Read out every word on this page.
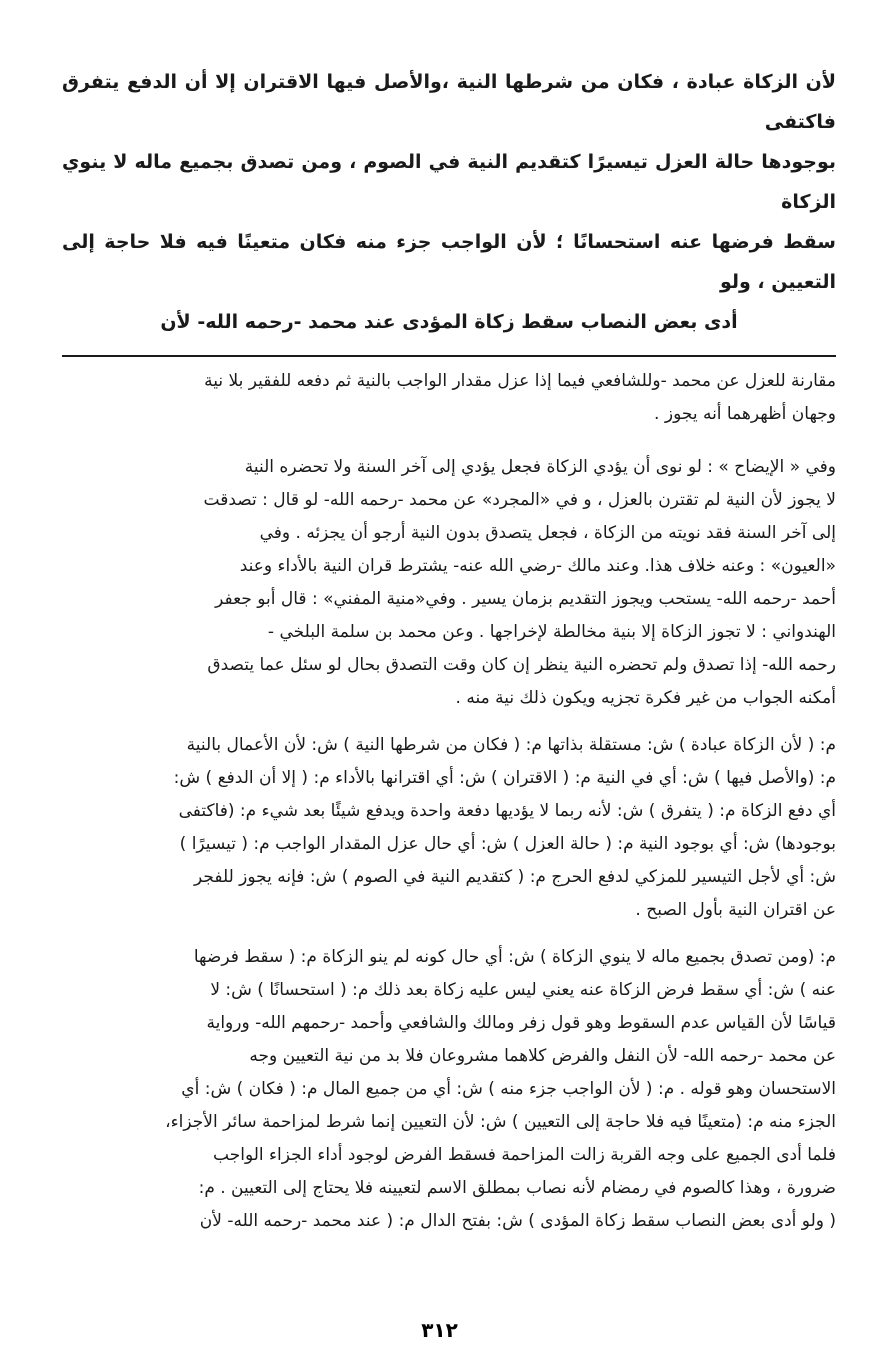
لأن الزكاة عبادة ، فكان من شرطها النية ،والأصل فيها الاقتران إلا أن الدفع يتفرق فاكتفى
بوجودها حالة العزل تيسيرًا كتقديم النية في الصوم ، ومن تصدق بجميع ماله لا ينوي الزكاة
سقط فرضها عنه استحسانًا ؛ لأن الواجب جزء منه فكان متعينًا فيه فلا حاجة إلى التعيين ، ولو
أدى بعض النصاب سقط زكاة المؤدى عند محمد -رحمه الله- لأن
مقارنة للعزل عن محمد -وللشافعي فيما إذا عزل مقدار الواجب بالنية ثم دفعه للفقير بلا نية
وجهان أظهرهما أنه يجوز .
وفي « الإيضاح » : لو نوى أن يؤدي الزكاة فجعل يؤدي إلى آخر السنة ولا تحضره النية
لا يجوز لأن النية لم تقترن بالعزل ، و في «المجرد» عن محمد -رحمه الله- لو قال : تصدقت
إلى آخر السنة فقد نويته من الزكاة ، فجعل يتصدق بدون النية أرجو أن يجزئه . وفي
«العيون» : وعنه خلاف هذا. وعند مالك -رضي الله عنه- يشترط قران النية بالأداء وعند
أحمد -رحمه الله- يستحب ويجوز التقديم بزمان يسير . وفي«منية المفني» : قال أبو جعفر
الهندواني : لا تجوز الزكاة إلا بنية مخالطة لإخراجها . وعن محمد بن سلمة البلخي -
رحمه الله- إذا تصدق ولم تحضره النية ينظر إن كان وقت التصدق بحال لو سئل عما يتصدق
أمكنه الجواب من غير فكرة تجزيه ويكون ذلك نية منه .
م: ( لأن الزكاة عبادة ) ش: مستقلة بذاتها م: ( فكان من شرطها النية ) ش: لأن الأعمال بالنية
م: (والأصل فيها ) ش: أي في النية م: ( الاقتران ) ش: أي اقترانها بالأداء م: ( إلا أن الدفع ) ش:
أي دفع الزكاة م: ( يتفرق ) ش: لأنه ربما لا يؤديها دفعة واحدة ويدفع شيئًا بعد شيء م: (فاكتفى
بوجودها) ش: أي بوجود النية م: ( حالة العزل ) ش: أي حال عزل المقدار الواجب م: ( تيسيرًا )
ش: أي لأجل التيسير للمزكي لدفع الحرج م: ( كتقديم النية في الصوم ) ش: فإنه يجوز للفجر
عن اقتران النية بأول الصبح .
م: (ومن تصدق بجميع ماله لا ينوي الزكاة ) ش: أي حال كونه لم ينو الزكاة م: ( سقط فرضها
عنه ) ش: أي سقط فرض الزكاة عنه يعني ليس عليه زكاة بعد ذلك م: ( استحسانًا ) ش: لا
قياسًا لأن القياس عدم السقوط وهو قول زفر ومالك والشافعي وأحمد -رحمهم الله- ورواية
عن محمد -رحمه الله- لأن النفل والفرض كلاهما مشروعان فلا بد من نية التعيين وجه
الاستحسان وهو قوله . م: ( لأن الواجب جزء منه ) ش: أي من جميع المال م: ( فكان ) ش: أي
الجزء منه م: (متعينًا فيه فلا حاجة إلى التعيين ) ش: لأن التعيين إنما شرط لمزاحمة سائر الأجزاء،
فلما أدى الجميع على وجه القربة زالت المزاحمة فسقط الفرض لوجود أداء الجزاء الواجب
ضرورة ، وهذا كالصوم في رمضام لأنه نصاب بمطلق الاسم لتعيينه فلا يحتاج إلى التعيين . م:
( ولو أدى بعض النصاب سقط زكاة المؤدى ) ش: بفتح الدال م: ( عند محمد -رحمه الله- لأن
٣١٢
